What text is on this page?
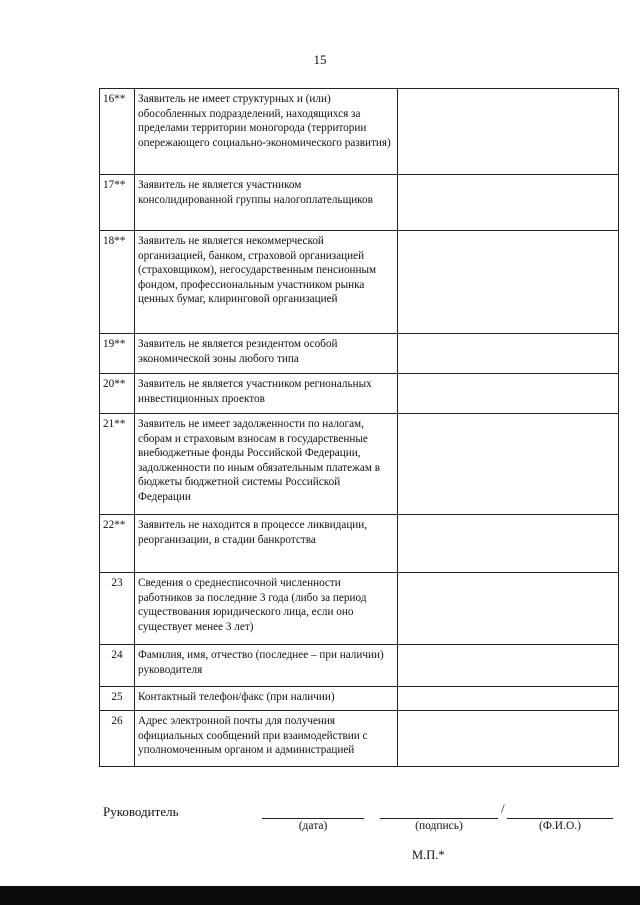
15
16**	Заявитель не имеет структурных и (или) обособленных подразделений, находящихся за пределами территории моногорода (территории опережающего социально-экономического развития)	
17**	Заявитель не является участником консолидированной группы налогоплательщиков	
18**	Заявитель не является некоммерческой организацией, банком, страховой организацией (страховщиком), негосударственным пенсионным фондом, профессиональным участником рынка ценных бумаг, клиринговой организацией	
19**	Заявитель не является резидентом особой экономической зоны любого типа	
20**	Заявитель не является участником региональных инвестиционных проектов	
21**	Заявитель не имеет задолженности по налогам, сборам и страховым взносам в государственные внебюджетные фонды Российской Федерации, задолженности по иным обязательным платежам в бюджеты бюджетной системы Российской Федерации	
22**	Заявитель не находится в процессе ликвидации, реорганизации, в стадии банкротства	
23	Сведения о среднесписочной численности работников за последние 3 года (либо за период существования юридического лица, если оно существует менее 3 лет)	
24	Фамилия, имя, отчество (последнее – при наличии) руководителя	
25	Контактный телефон/факс (при наличии)	
26	Адрес электронной почты для получения официальных сообщений при взаимодействии с уполномоченным органом и администрацией	
Руководитель
(дата)	(подпись)
/
(Ф.И.О.)
М.П.*
